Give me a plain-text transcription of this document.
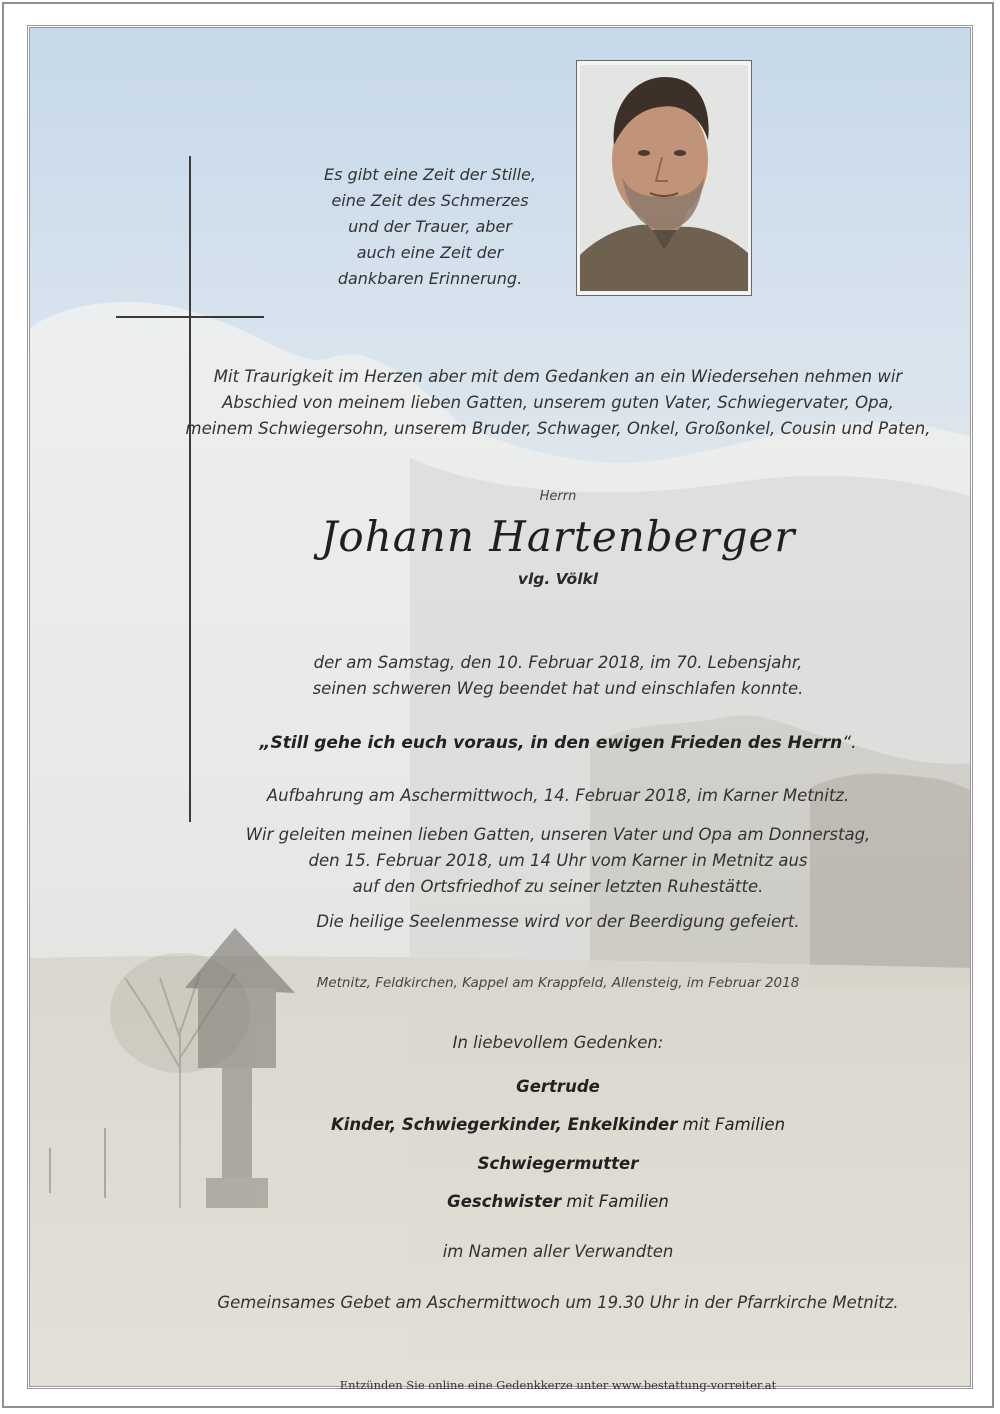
Es gibt eine Zeit der Stille,
eine Zeit des Schmerzes
und der Trauer, aber
auch eine Zeit der
dankbaren Erinnerung.

Mit Traurigkeit im Herzen aber mit dem Gedanken an ein Wiedersehen nehmen wir
Abschied von meinem lieben Gatten, unserem guten Vater, Schwiegervater, Opa,
meinem Schwiegersohn, unserem Bruder, Schwager, Onkel, Großonkel, Cousin und Paten,

Herrn

Johann Hartenberger

vlg. Völkl

der am Samstag, den 10. Februar 2018, im 70. Lebensjahr,
seinen schweren Weg beendet hat und einschlafen konnte.

„Still gehe ich euch voraus, in den ewigen Frieden des Herrn“.

Aufbahrung am Aschermittwoch, 14. Februar 2018, im Karner Metnitz.

Wir geleiten meinen lieben Gatten, unseren Vater und Opa am Donnerstag,
den 15. Februar 2018, um 14 Uhr vom Karner in Metnitz aus
auf den Ortsfriedhof zu seiner letzten Ruhestätte.

Die heilige Seelenmesse wird vor der Beerdigung gefeiert.

Metnitz, Feldkirchen, Kappel am Krappfeld, Allensteig, im Februar 2018

In liebevollem Gedenken:

Gertrude

Kinder, Schwiegerkinder, Enkelkinder mit Familien

Schwiegermutter

Geschwister mit Familien

im Namen aller Verwandten

Gemeinsames Gebet am Aschermittwoch um 19.30 Uhr in der Pfarrkirche Metnitz.

Entzünden Sie online eine Gedenkkerze unter www.bestattung-vorreiter.at
